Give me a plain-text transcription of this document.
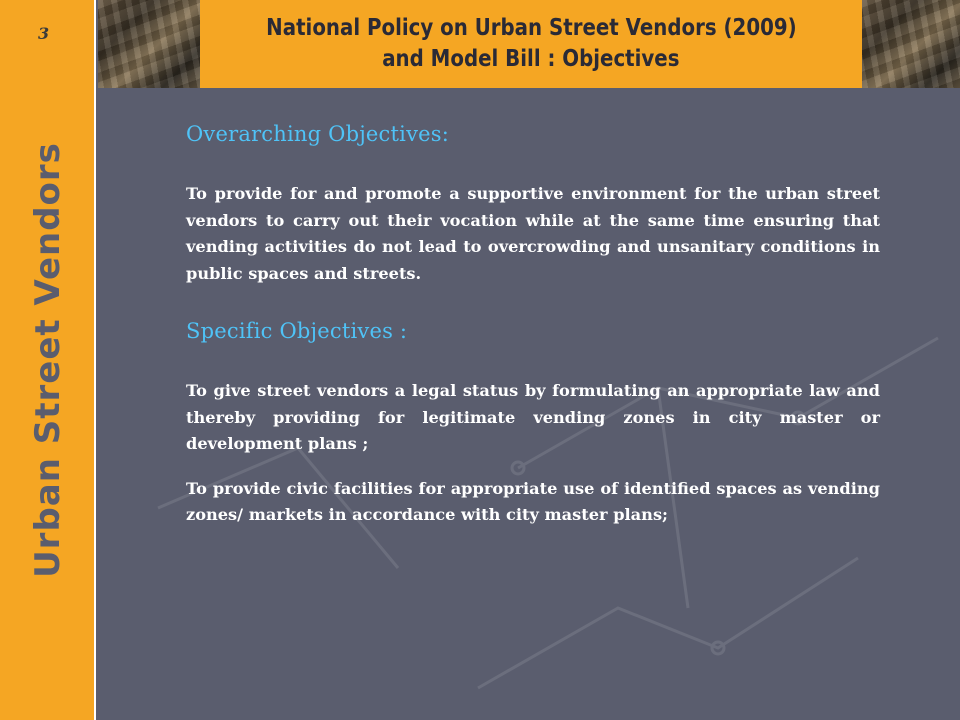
3
Urban Street Vendors
National Policy on Urban Street Vendors (2009)
and Model Bill : Objectives
Overarching Objectives:

To provide for and promote a supportive environment for the urban street vendors to carry out their vocation while at the same time ensuring that vending activities do not lead to overcrowding and unsanitary conditions in public spaces and streets.

Specific Objectives :

To give street vendors a legal status by formulating an appropriate law and thereby providing for legitimate vending zones in city master or development plans ;

To provide civic facilities for appropriate use of identified spaces as vending zones/ markets in accordance with city master plans;
